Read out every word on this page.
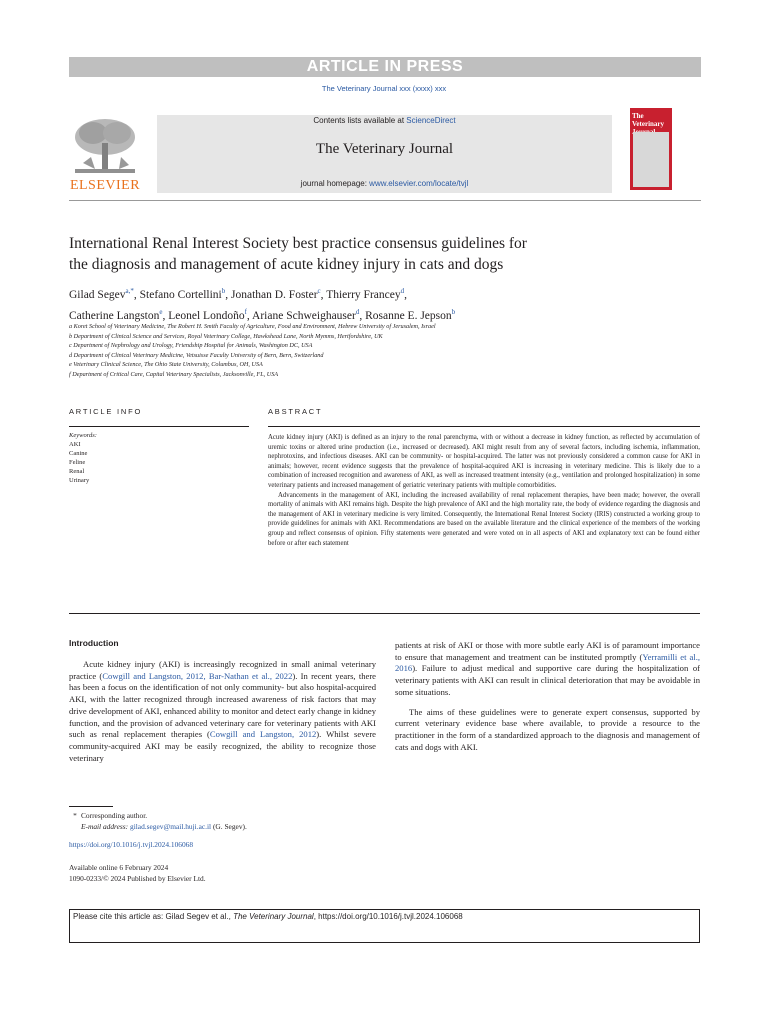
ARTICLE IN PRESS
The Veterinary Journal xxx (xxxx) xxx
ELSEVIER
Contents lists available at ScienceDirect
The Veterinary Journal
journal homepage: www.elsevier.com/locate/tvjl
The Veterinary
International Renal Interest Society best practice consensus guidelines for
the diagnosis and management of acute kidney injury in cats and dogs
Gilad Segev$^{a,*}$, Stefano Cortellini$^b$, Jonathan D. Foster$^c$, Thierry Francey$^d$,
Catherine Langston$^e$, Leonel Londoño$^f$, Ariane Schweighauser$^d$, Rosanne E. Jepson$^b$
a Koret School of Veterinary Medicine, The Robert H. Smith Faculty of Agriculture, Food and Environment, Hebrew University of Jerusalem, Israel
b Department of Clinical Science and Services, Royal Veterinary College, Hawkshead Lane, North Mymms, Hertfordshire, UK
c Department of Nephrology and Urology, Friendship Hospital for Animals, Washington DC, USA
d Department of Clinical Veterinary Medicine, Vetsuisse Faculty University of Bern, Bern, Switzerland
e Veterinary Clinical Science, The Ohio State University, Columbus, OH, USA
f Department of Critical Care, Capital Veterinary Specialists, Jacksonville, FL, USA
ARTICLE INFO
Keywords:
AKI
Canine
Feline
Renal
Urinary
ABSTRACT

Acute kidney injury (AKI) is defined as an injury to the renal parenchyma, with or without a decrease in kidney function, as reflected by accumulation of uremic toxins or altered urine production (i.e., increased or decreased). AKI might result from any of several factors, including ischemia, inflammation, nephrotoxins, and infectious diseases. AKI can be community- or hospital-acquired. The latter was not previously considered a common cause for AKI in animals; however, recent evidence suggests that the prevalence of hospital-acquired AKI is increasing in veterinary medicine. This is likely due to a combination of increased recognition and awareness of AKI, as well as increased treatment intensity (e.g., ventilation and prolonged hospitalization) in some veterinary patients and increased management of geriatric veterinary patients with multiple comorbidities.

Advancements in the management of AKI, including the increased availability of renal replacement therapies, have been made; however, the overall mortality of animals with AKI remains high. Despite the high prevalence of AKI and the high mortality rate, the body of evidence regarding the diagnosis and the management of AKI in veterinary medicine is very limited. Consequently, the International Renal Interest Society (IRIS) constructed a working group to provide guidelines for animals with AKI. Recommendations are based on the available literature and the clinical experience of the members of the working group and reflect consensus of opinion. Fifty statements were generated and were voted on in all aspects of AKI and explanatory text can be found either before or after each statement

Introduction

Acute kidney injury (AKI) is increasingly recognized in small animal veterinary practice (Cowgill and Langston, 2012, Bar-Nathan et al., 2022). In recent years, there has been a focus on the identification of not only community- but also hospital-acquired AKI, with the latter recognized through increased awareness of risk factors that may drive development of AKI, enhanced ability to monitor and detect early change in kidney function, and the provision of advanced veterinary care for veterinary patients with AKI such as renal replacement therapies (Cowgill and Langston, 2012). Whilst severe community-acquired AKI may be easily recognized, the ability to recognize those veterinary

patients at risk of AKI or those with more subtle early AKI is of paramount importance to ensure that management and treatment can be instituted promptly (Yerramilli et al., 2016). Failure to adjust medical and supportive care during the hospitalization of veterinary patients with AKI can result in clinical deterioration that may be avoidable in some situations.

The aims of these guidelines were to generate expert consensus, supported by current veterinary evidence base where available, to provide a resource to the practitioner in the form of a standardized approach to the diagnosis and management of cats and dogs with AKI.

* Corresponding author.
E-mail address: gilad.segev@mail.huji.ac.il (G. Segev).
https://doi.org/10.1016/j.tvjl.2024.106068
Available online 6 February 2024
1090-0233/© 2024 Published by Elsevier Ltd.
Please cite this article as: Gilad Segev et al., The Veterinary Journal, https://doi.org/10.1016/j.tvjl.2024.106068
